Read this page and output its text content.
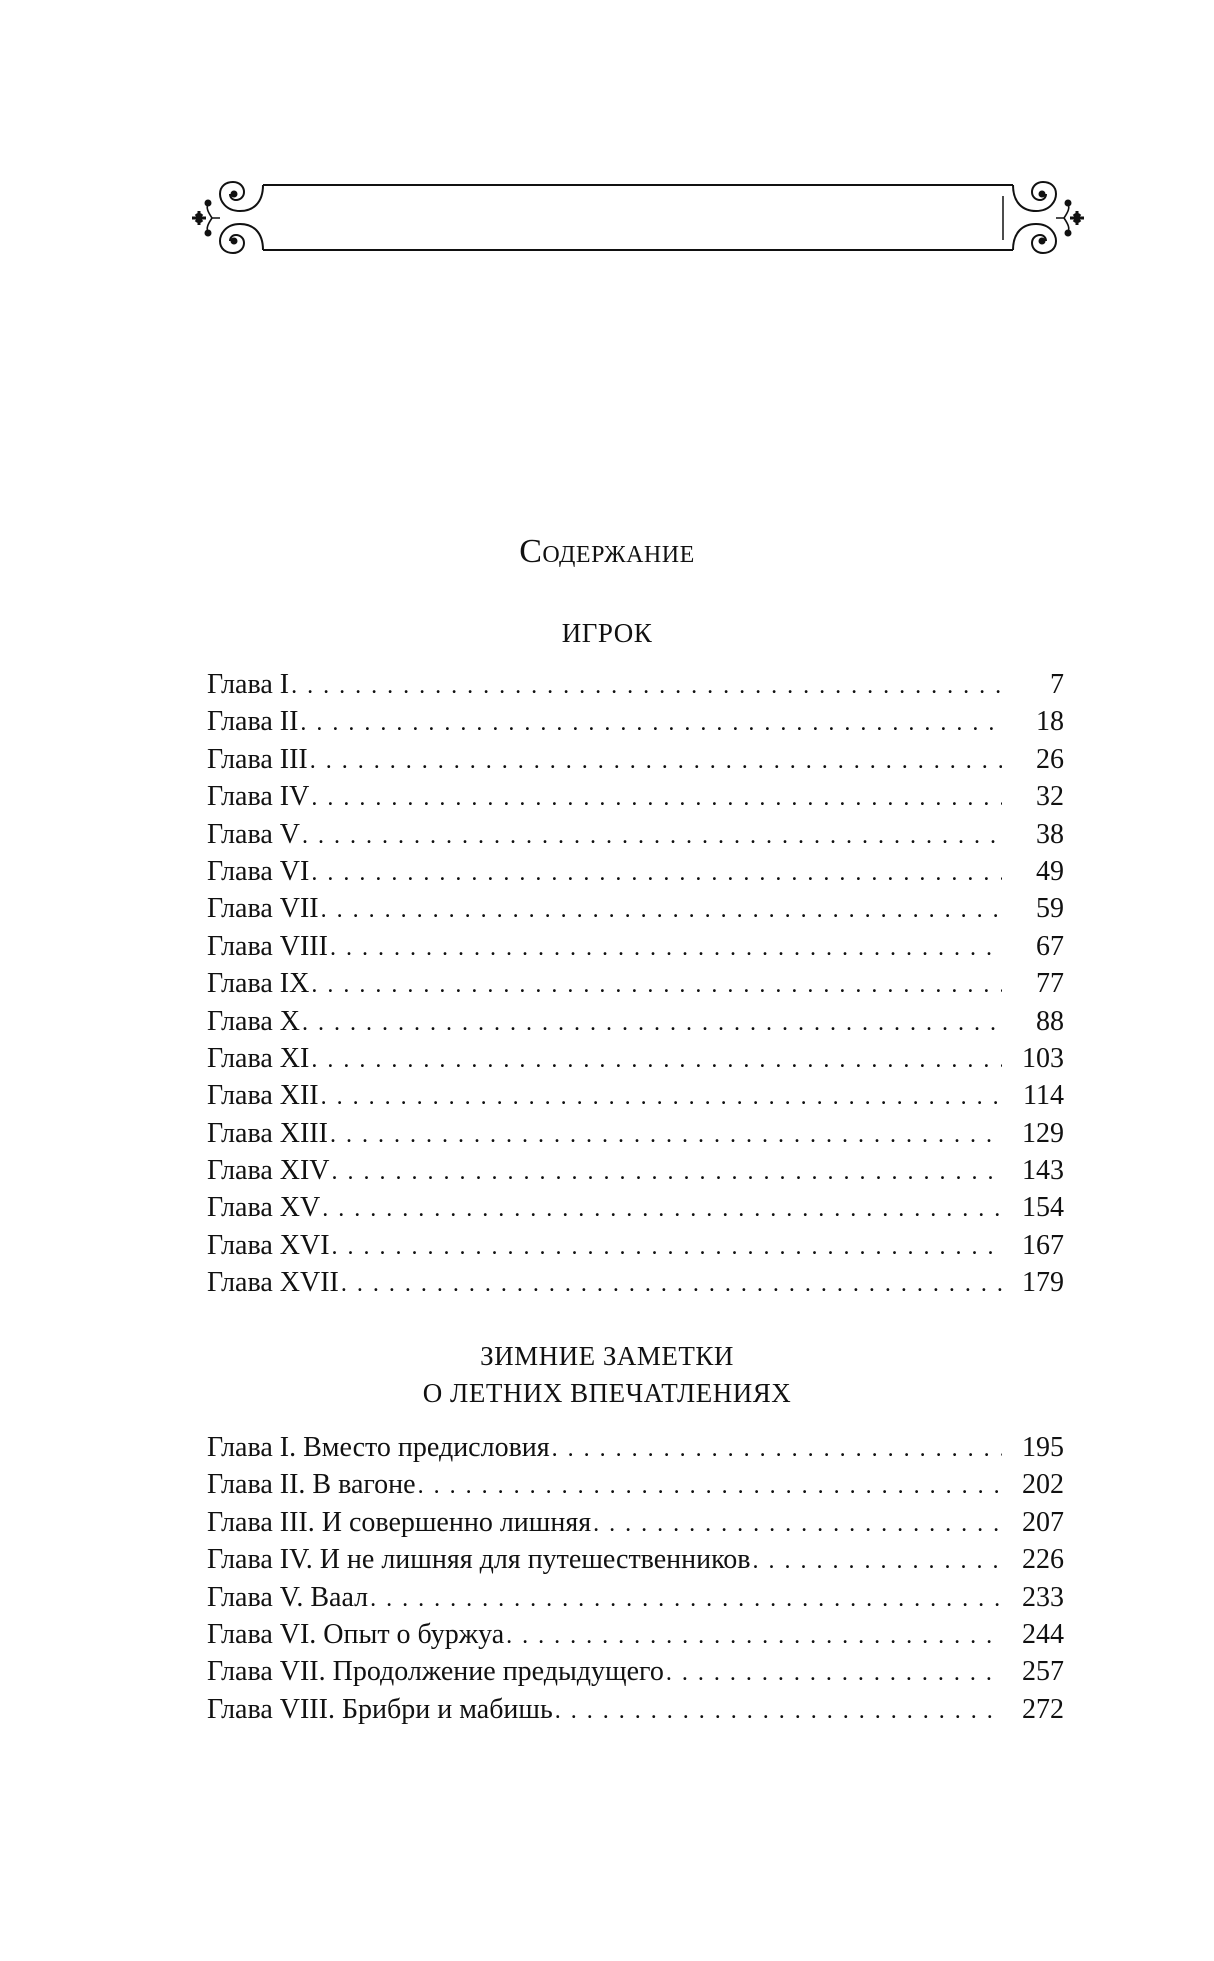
Содержание
ИГРОК
Глава I . . .	7
Глава II . . .	18
Глава III . . .	26
Глава IV . . .	32
Глава V . . .	38
Глава VI . . .	49
Глава VII . . .	59
Глава VIII . . .	67
Глава IX . . .	77
Глава X . . .	88
Глава XI . . .	103
Глава XII . . .	114
Глава XIII . . .	129
Глава XIV . . .	143
Глава XV . . .	154
Глава XVI . . .	167
Глава XVII . . .	179
ЗИМНИЕ ЗАМЕТКИ
О ЛЕТНИХ ВПЕЧАТЛЕНИЯХ
Глава I. Вместо предисловия . . .	195
Глава II. В вагоне . . .	202
Глава III. И совершенно лишняя . . .	207
Глава IV. И не лишняя для путешественников . . .	226
Глава V. Ваал . . .	233
Глава VI. Опыт о буржуа . . .	244
Глава VII. Продолжение предыдущего . . .	257
Глава VIII. Брибри и мабишь . . .	272
